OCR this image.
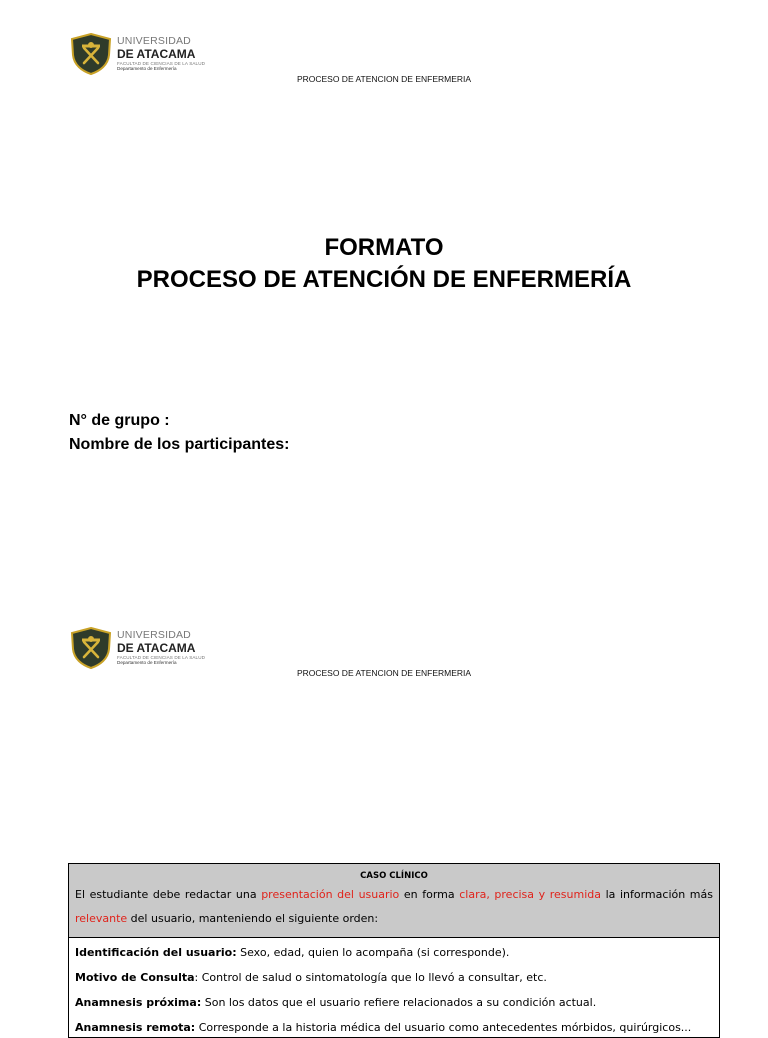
UNIVERSIDAD
DE ATACAMA
FACULTAD DE CIENCIAS DE LA SALUD
Departamento de Enfermería
PROCESO DE ATENCION DE ENFERMERIA
FORMATO
PROCESO DE ATENCIÓN DE ENFERMERÍA
N° de grupo :
Nombre de los participantes:
UNIVERSIDAD
DE ATACAMA
FACULTAD DE CIENCIAS DE LA SALUD
Departamento de Enfermería
PROCESO DE ATENCION DE ENFERMERIA
CASO CLÍNICO
El estudiante debe redactar una presentación del usuario en forma clara, precisa y resumida la información más relevante del usuario, manteniendo el siguiente orden:
Identificación del usuario: Sexo, edad, quien lo acompaña (si corresponde).
Motivo de Consulta: Control de salud o sintomatología que lo llevó a consultar, etc.
Anamnesis próxima: Son los datos que el usuario refiere relacionados a su condición actual.
Anamnesis remota: Corresponde a la historia médica del usuario como antecedentes mórbidos, quirúrgicos...
